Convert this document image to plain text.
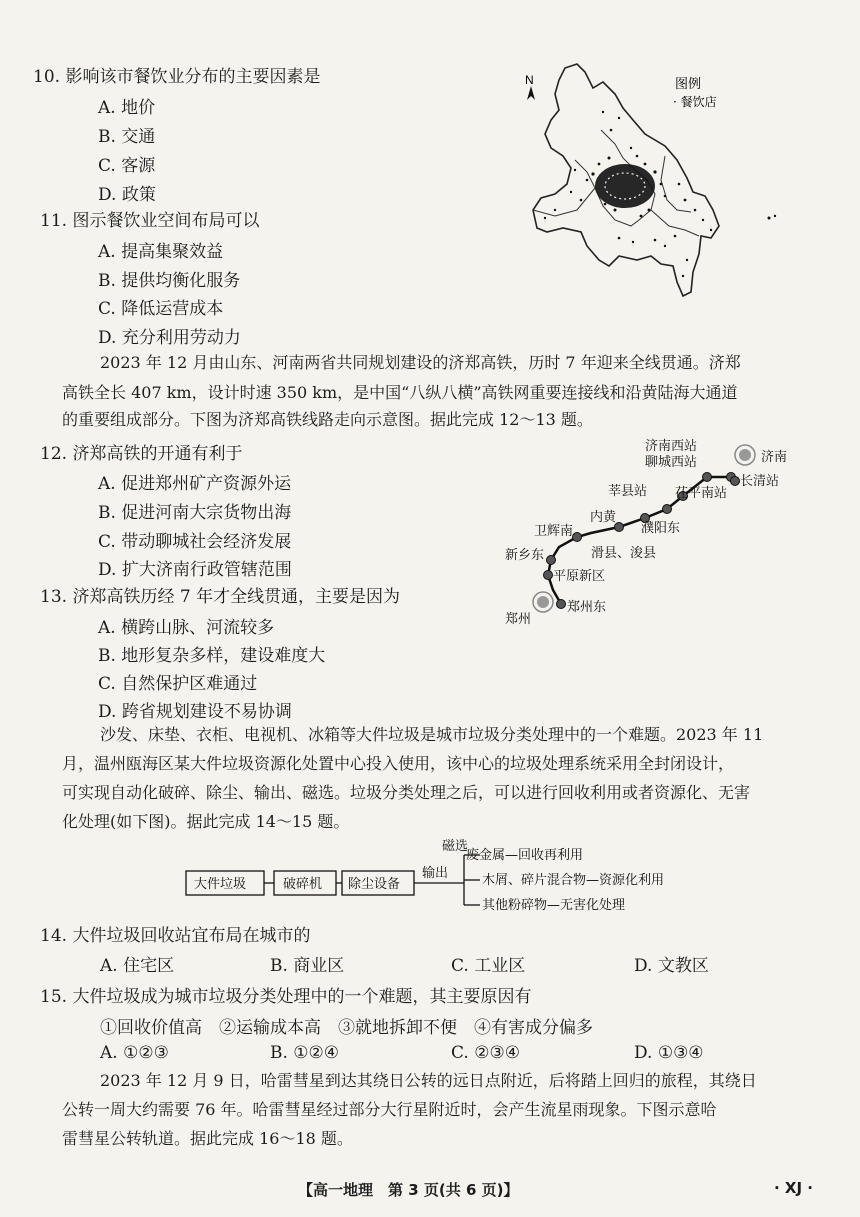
10. 影响该市餐饮业分布的主要因素是
A. 地价
B. 交通
C. 客源
D. 政策
11. 图示餐饮业空间布局可以
A. 提高集聚效益
B. 提供均衡化服务
C. 降低运营成本
D. 充分利用劳动力
N	图例
· 餐饮店
2023 年 12 月由山东、河南两省共同规划建设的济郑高铁，历时 7 年迎来全线贯通。济郑
高铁全长 407 km，设计时速 350 km，是中国“八纵八横”高铁网重要连接线和沿黄陆海大通道
的重要组成部分。下图为济郑高铁线路走向示意图。据此完成 12～13 题。
12. 济郑高铁的开通有利于
A. 促进郑州矿产资源外运
B. 促进河南大宗货物出海
C. 带动聊城社会经济发展
D. 扩大济南行政管辖范围
13. 济郑高铁历经 7 年才全线贯通，主要是因为
A. 横跨山脉、河流较多
B. 地形复杂多样，建设难度大
C. 自然保护区难通过
D. 跨省规划建设不易协调
济南西站
济南
长清站
聊城西站
茌平南站
莘县站
内黄
濮阳东
卫辉南
滑县、浚县
新乡东
平原新区
郑州东
郑州
沙发、床垫、衣柜、电视机、冰箱等大件垃圾是城市垃圾分类处理中的一个难题。2023 年 11
月，温州瓯海区某大件垃圾资源化处置中心投入使用，该中心的垃圾处理系统采用全封闭设计，
可实现自动化破碎、除尘、输出、磁选。垃圾分类处理之后，可以进行回收利用或者资源化、无害
化处理(如下图)。据此完成 14～15 题。
大件垃圾	破碎机 除尘设备
输出
磁选
废金属—回收再利用
木屑、碎片混合物—资源化利用
其他粉碎物—无害化处理
14. 大件垃圾回收站宜布局在城市的
A. 住宅区	B. 商业区	C. 工业区	D. 文教区
15. 大件垃圾成为城市垃圾分类处理中的一个难题，其主要原因有
①回收价值高　②运输成本高　③就地拆卸不便　④有害成分偏多
A. ①②③	B. ①②④	C. ②③④	D. ①③④
2023 年 12 月 9 日，哈雷彗星到达其绕日公转的远日点附近，后将踏上回归的旅程，其绕日
公转一周大约需要 76 年。哈雷彗星经过部分大行星附近时，会产生流星雨现象。下图示意哈
雷彗星公转轨道。据此完成 16～18 题。
【高一地理　第 3 页(共 6 页)】	· XJ ·
